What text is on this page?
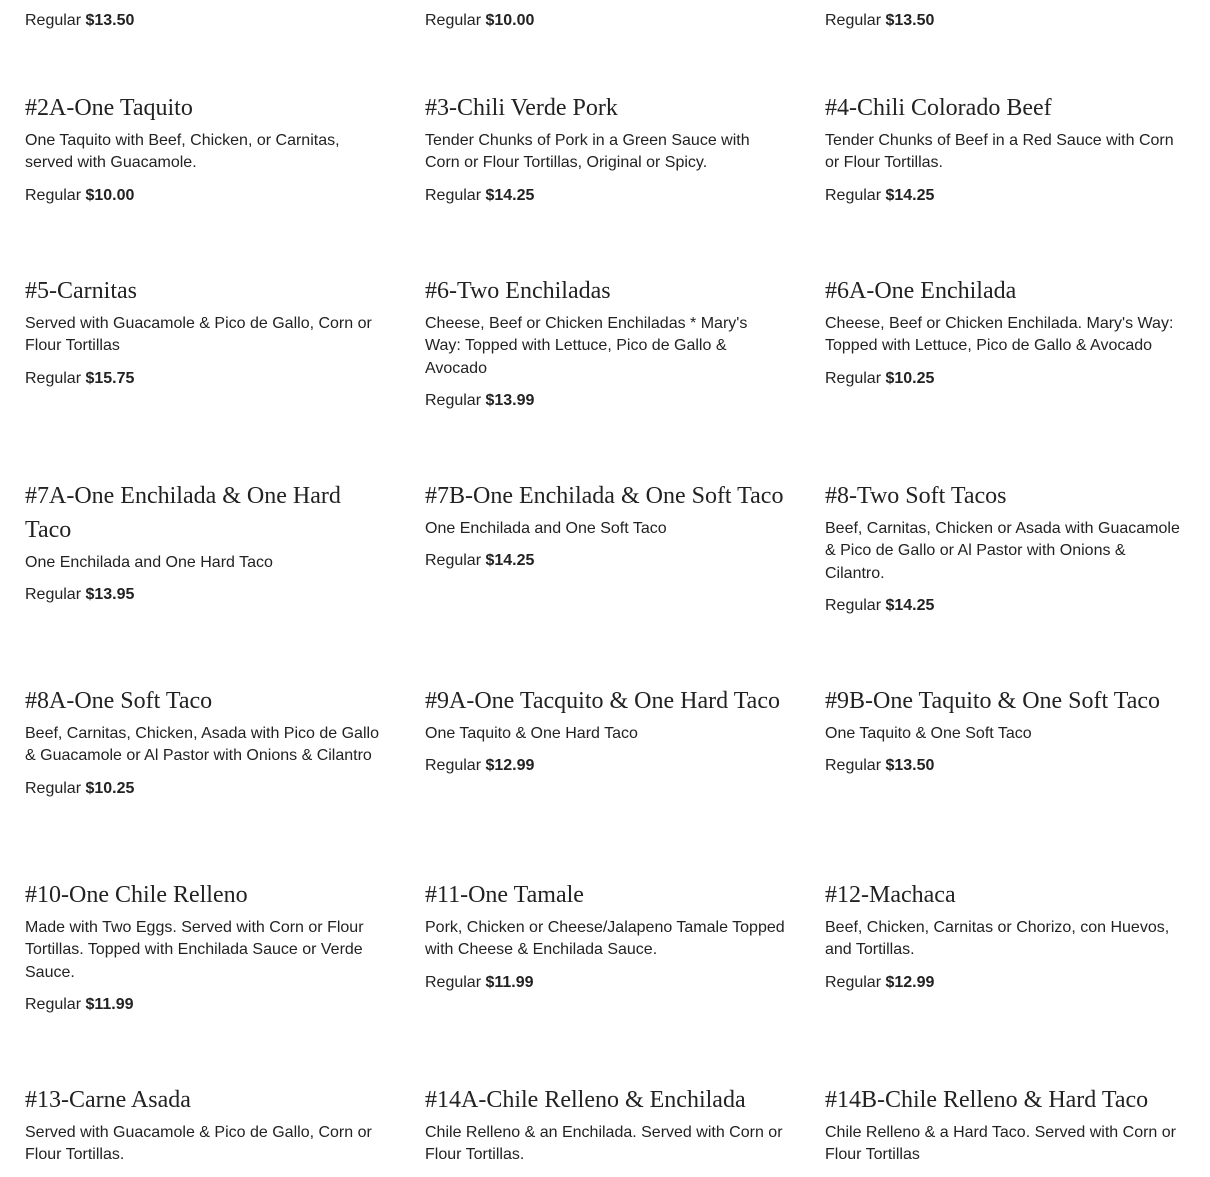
Regular $13.50	Regular $10.00	Regular $13.50

#2A-One Taquito

One Taquito with Beef, Chicken, or Carnitas, served with Guacamole.

Regular $10.00

#3-Chili Verde Pork

Tender Chunks of Pork in a Green Sauce with Corn or Flour Tortillas, Original or Spicy.

Regular $14.25

#4-Chili Colorado Beef

Tender Chunks of Beef in a Red Sauce with Corn or Flour Tortillas.

Regular $14.25

#5-Carnitas

Served with Guacamole & Pico de Gallo, Corn or Flour Tortillas

Regular $15.75

#6-Two Enchiladas

Cheese, Beef or Chicken Enchiladas * Mary's Way: Topped with Lettuce, Pico de Gallo & Avocado

Regular $13.99

#6A-One Enchilada

Cheese, Beef or Chicken Enchilada. Mary's Way: Topped with Lettuce, Pico de Gallo & Avocado

Regular $10.25

#7A-One Enchilada & One Hard Taco

One Enchilada and One Hard Taco

Regular $13.95

#7B-One Enchilada & One Soft Taco

One Enchilada and One Soft Taco

Regular $14.25

#8-Two Soft Tacos

Beef, Carnitas, Chicken or Asada with Guacamole & Pico de Gallo or Al Pastor with Onions & Cilantro.

Regular $14.25

#8A-One Soft Taco

Beef, Carnitas, Chicken, Asada with Pico de Gallo & Guacamole or Al Pastor with Onions & Cilantro

Regular $10.25

#9A-One Tacquito & One Hard Taco

One Taquito & One Hard Taco

Regular $12.99

#9B-One Taquito & One Soft Taco

One Taquito & One Soft Taco

Regular $13.50

#10-One Chile Relleno

Made with Two Eggs. Served with Corn or Flour Tortillas. Topped with Enchilada Sauce or Verde Sauce.

Regular $11.99

#11-One Tamale

Pork, Chicken or Cheese/Jalapeno Tamale Topped with Cheese & Enchilada Sauce.

Regular $11.99

#12-Machaca

Beef, Chicken, Carnitas or Chorizo, con Huevos, and Tortillas.

Regular $12.99

#13-Carne Asada

Served with Guacamole & Pico de Gallo, Corn or Flour Tortillas.

#14A-Chile Relleno & Enchilada

Chile Relleno & an Enchilada. Served with Corn or Flour Tortillas.

#14B-Chile Relleno & Hard Taco

Chile Relleno & a Hard Taco. Served with Corn or Flour Tortillas
